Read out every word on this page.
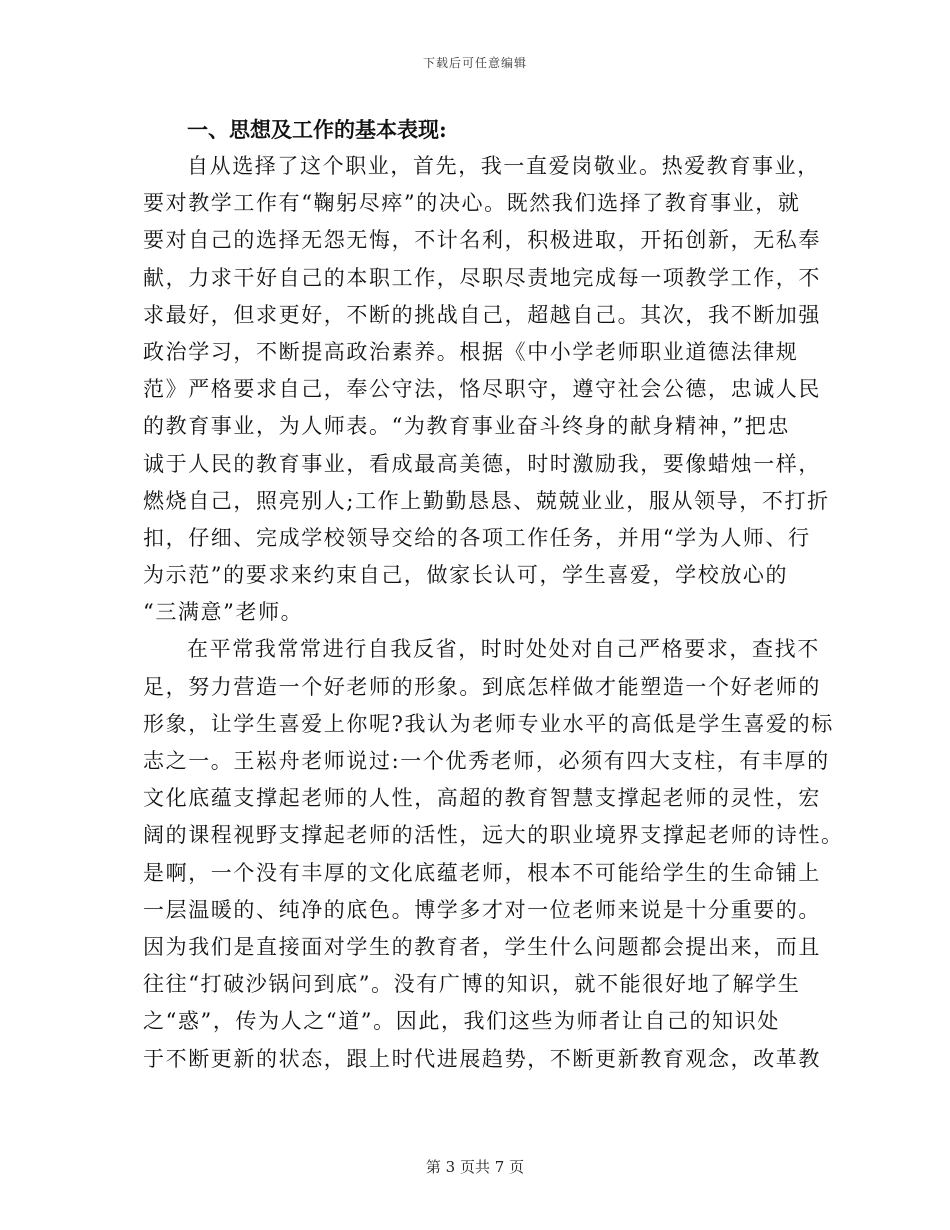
下载后可任意编辑
一、思想及工作的基本表现:

自从选择了这个职业，首先，我一直爱岗敬业。热爱教育事业，
要对教学工作有“鞠躬尽瘁”的决心。既然我们选择了教育事业，就
要对自己的选择无怨无悔，不计名利，积极进取，开拓创新，无私奉
献，力求干好自己的本职工作，尽职尽责地完成每一项教学工作，不
求最好，但求更好，不断的挑战自己，超越自己。其次，我不断加强
政治学习，不断提高政治素养。根据《中小学老师职业道德法律规
范》严格要求自己，奉公守法，恪尽职守，遵守社会公德，忠诚人民
的教育事业，为人师表。“为教育事业奋斗终身的献身精神，”把忠
诚于人民的教育事业，看成最高美德，时时激励我，要像蜡烛一样，
燃烧自己，照亮别人;工作上勤勤恳恳、兢兢业业，服从领导，不打折
扣，仔细、完成学校领导交给的各项工作任务，并用“学为人师、行
为示范”的要求来约束自己，做家长认可，学生喜爱，学校放心的
“三满意”老师。

在平常我常常进行自我反省，时时处处对自己严格要求，查找不
足，努力营造一个好老师的形象。到底怎样做才能塑造一个好老师的
形象，让学生喜爱上你呢?我认为老师专业水平的高低是学生喜爱的标
志之一。王崧舟老师说过:一个优秀老师，必须有四大支柱，有丰厚的
文化底蕴支撑起老师的人性，高超的教育智慧支撑起老师的灵性，宏
阔的课程视野支撑起老师的活性，远大的职业境界支撑起老师的诗性。
是啊，一个没有丰厚的文化底蕴老师，根本不可能给学生的生命铺上
一层温暖的、纯净的底色。博学多才对一位老师来说是十分重要的。
因为我们是直接面对学生的教育者，学生什么问题都会提出来，而且
往往“打破沙锅问到底”。没有广博的知识，就不能很好地了解学生
之“惑”，传为人之“道”。因此，我们这些为师者让自己的知识处
于不断更新的状态，跟上时代进展趋势，不断更新教育观念，改革教

第 3 页共 7 页
